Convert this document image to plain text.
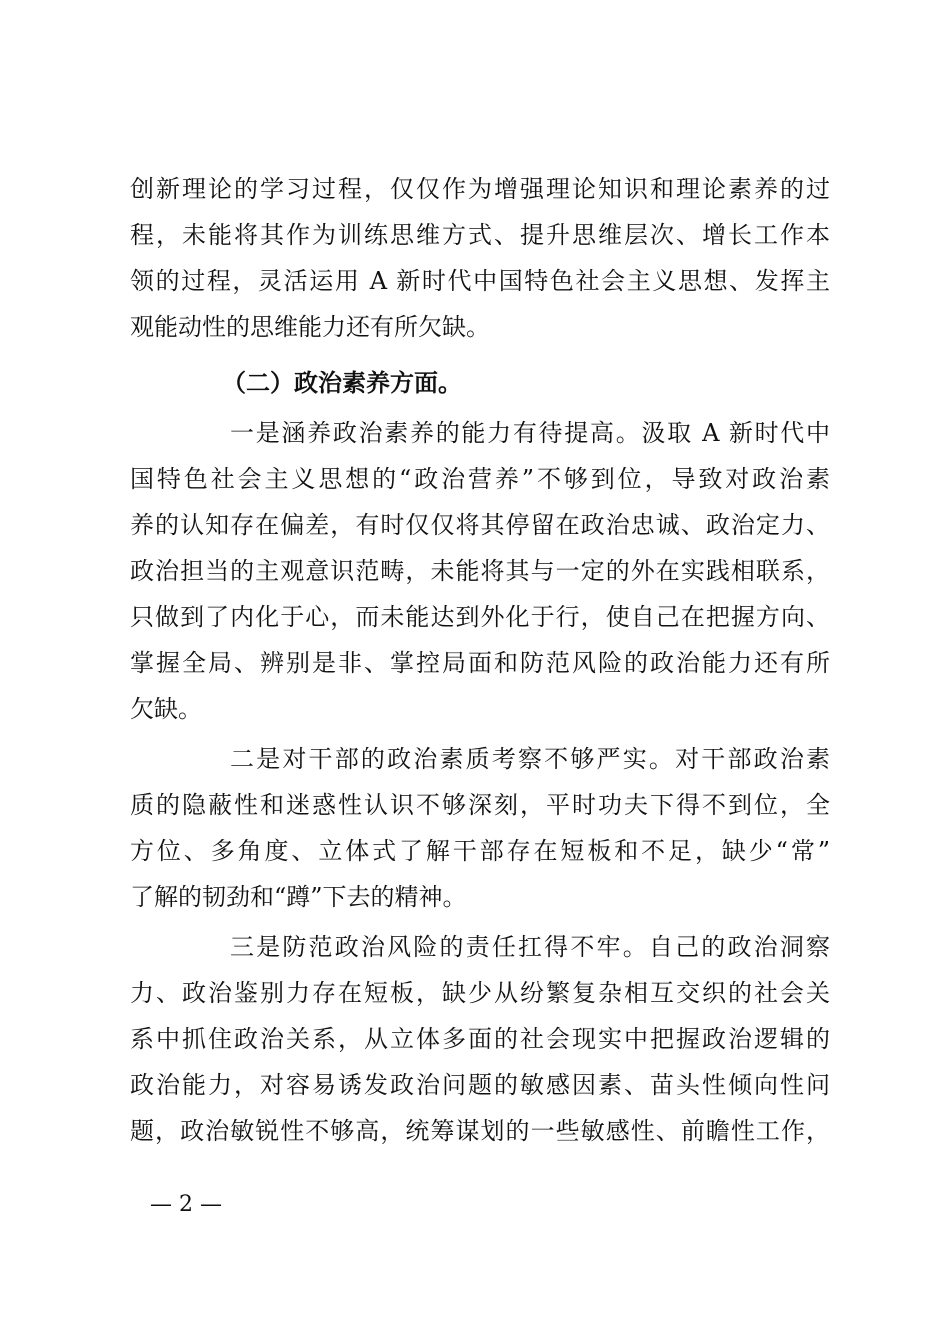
创新理论的学习过程，仅仅作为增强理论知识和理论素养的过
程，未能将其作为训练思维方式、提升思维层次、增长工作本
领的过程，灵活运用 A 新时代中国特色社会主义思想、发挥主
观能动性的思维能力还有所欠缺。
（二）政治素养方面。
一是涵养政治素养的能力有待提高。汲取 A 新时代中
国特色社会主义思想的“政治营养”不够到位，导致对政治素
养的认知存在偏差，有时仅仅将其停留在政治忠诚、政治定力、
政治担当的主观意识范畴，未能将其与一定的外在实践相联系，
只做到了内化于心，而未能达到外化于行，使自己在把握方向、
掌握全局、辨别是非、掌控局面和防范风险的政治能力还有所
欠缺。
二是对干部的政治素质考察不够严实。对干部政治素
质的隐蔽性和迷惑性认识不够深刻，平时功夫下得不到位，全
方位、多角度、立体式了解干部存在短板和不足，缺少“常”
了解的韧劲和“蹲”下去的精神。
三是防范政治风险的责任扛得不牢。自己的政治洞察
力、政治鉴别力存在短板，缺少从纷繁复杂相互交织的社会关
系中抓住政治关系，从立体多面的社会现实中把握政治逻辑的
政治能力，对容易诱发政治问题的敏感因素、苗头性倾向性问
题，政治敏锐性不够高，统筹谋划的一些敏感性、前瞻性工作，
— 2 —
